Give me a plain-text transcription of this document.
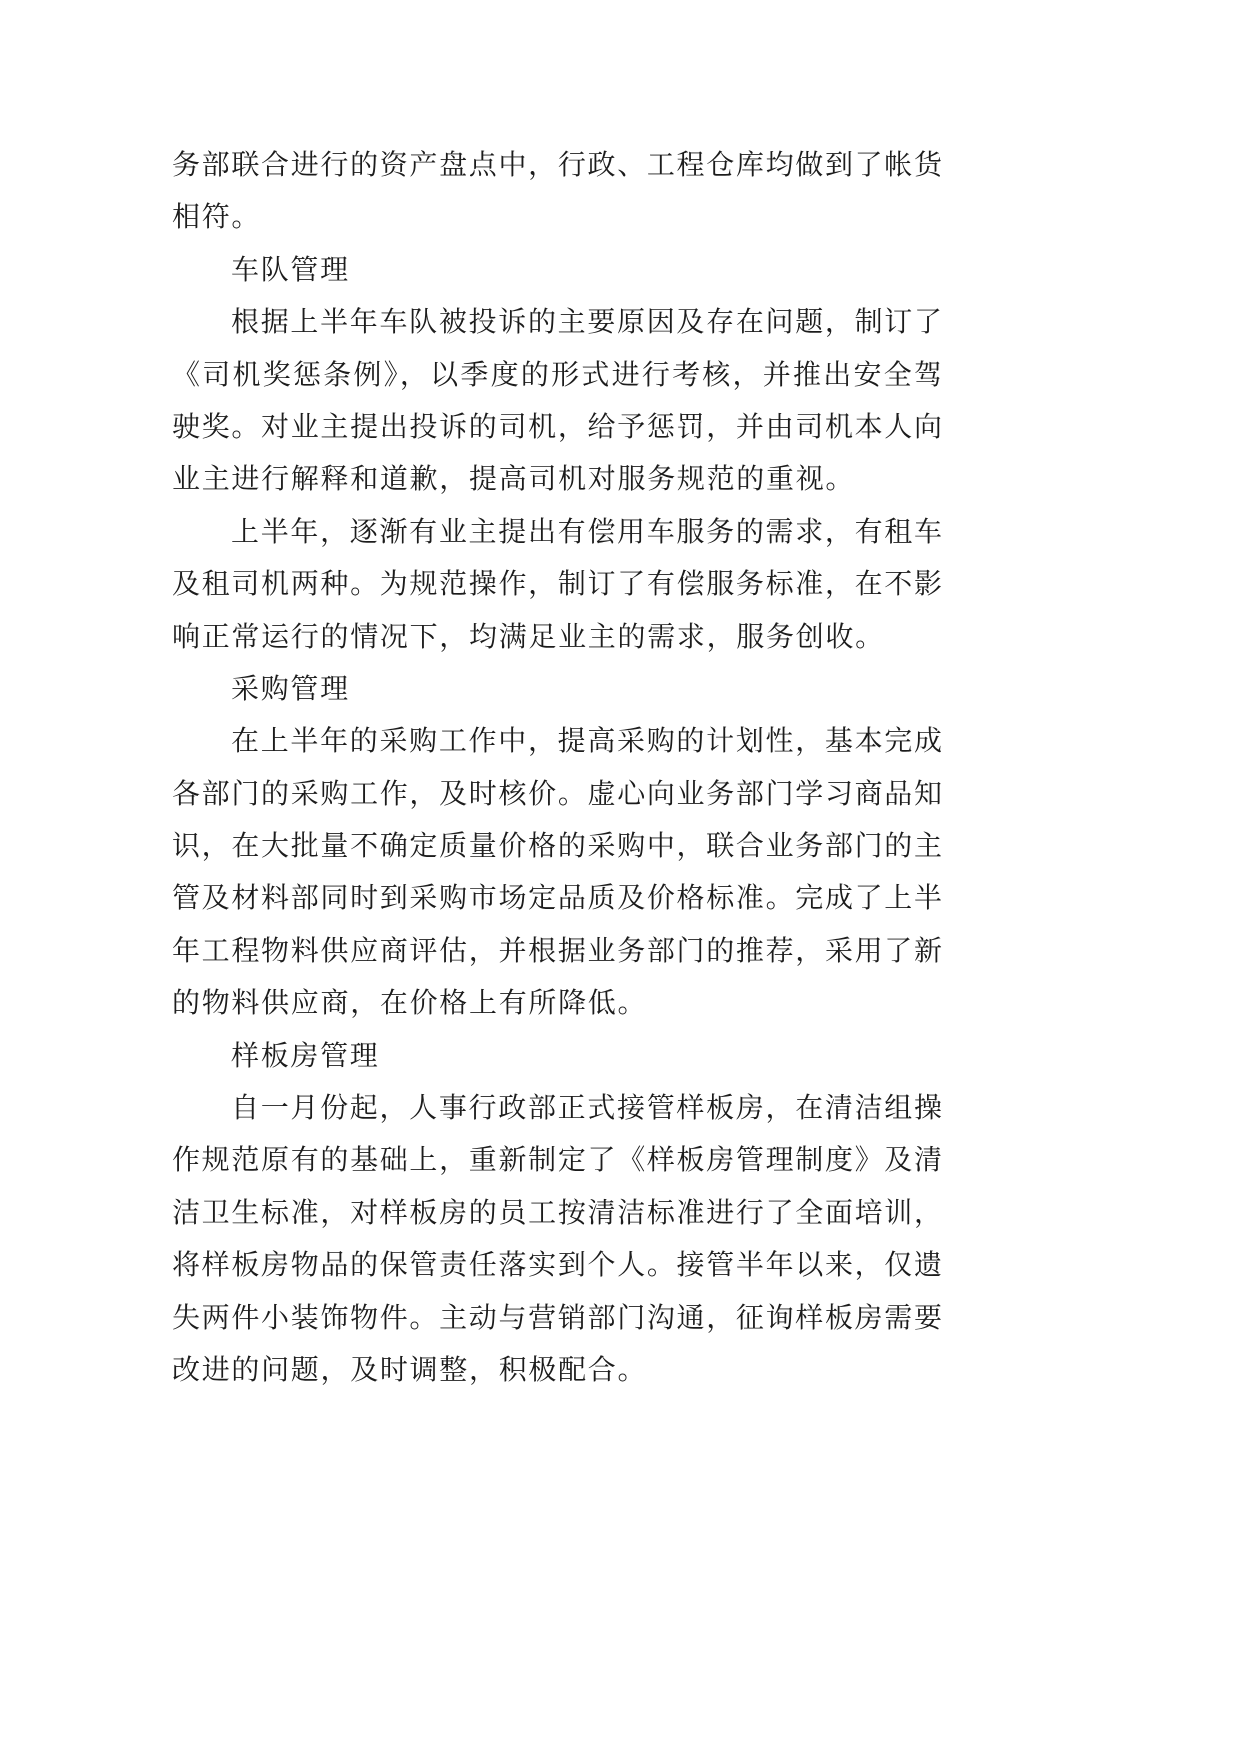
务部联合进行的资产盘点中，行政、工程仓库均做到了帐货
相符。
车队管理
根据上半年车队被投诉的主要原因及存在问题，制订了
《司机奖惩条例》，以季度的形式进行考核，并推出安全驾
驶奖。对业主提出投诉的司机，给予惩罚，并由司机本人向
业主进行解释和道歉，提高司机对服务规范的重视。
上半年，逐渐有业主提出有偿用车服务的需求，有租车
及租司机两种。为规范操作，制订了有偿服务标准，在不影
响正常运行的情况下，均满足业主的需求，服务创收。
采购管理
在上半年的采购工作中，提高采购的计划性，基本完成
各部门的采购工作，及时核价。虚心向业务部门学习商品知
识，在大批量不确定质量价格的采购中，联合业务部门的主
管及材料部同时到采购市场定品质及价格标准。完成了上半
年工程物料供应商评估，并根据业务部门的推荐，采用了新
的物料供应商，在价格上有所降低。
样板房管理
自一月份起，人事行政部正式接管样板房，在清洁组操
作规范原有的基础上，重新制定了《样板房管理制度》及清
洁卫生标准，对样板房的员工按清洁标准进行了全面培训，
将样板房物品的保管责任落实到个人。接管半年以来，仅遗
失两件小装饰物件。主动与营销部门沟通，征询样板房需要
改进的问题，及时调整，积极配合。
